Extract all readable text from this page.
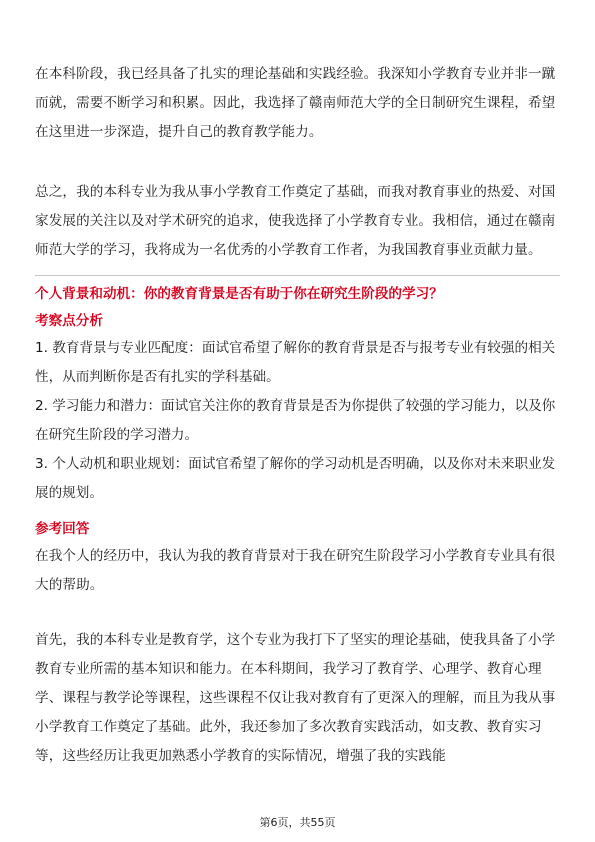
在本科阶段，我已经具备了扎实的理论基础和实践经验。我深知小学教育专业并非一蹴而就，需要不断学习和积累。因此，我选择了赣南师范大学的全日制研究生课程，希望在这里进一步深造，提升自己的教育教学能力。

总之，我的本科专业为我从事小学教育工作奠定了基础，而我对教育事业的热爱、对国家发展的关注以及对学术研究的追求，使我选择了小学教育专业。我相信，通过在赣南师范大学的学习，我将成为一名优秀的小学教育工作者，为我国教育事业贡献力量。

个人背景和动机：你的教育背景是否有助于你在研究生阶段的学习？

考察点分析

1. 教育背景与专业匹配度：面试官希望了解你的教育背景是否与报考专业有较强的相关性，从而判断你是否有扎实的学科基础。

2. 学习能力和潜力：面试官关注你的教育背景是否为你提供了较强的学习能力，以及你在研究生阶段的学习潜力。

3. 个人动机和职业规划：面试官希望了解你的学习动机是否明确，以及你对未来职业发展的规划。

参考回答

在我个人的经历中，我认为我的教育背景对于我在研究生阶段学习小学教育专业具有很大的帮助。

首先，我的本科专业是教育学，这个专业为我打下了坚实的理论基础，使我具备了小学教育专业所需的基本知识和能力。在本科期间，我学习了教育学、心理学、教育心理学、课程与教学论等课程，这些课程不仅让我对教育有了更深入的理解，而且为我从事小学教育工作奠定了基础。此外，我还参加了多次教育实践活动，如支教、教育实习等，这些经历让我更加熟悉小学教育的实际情况，增强了我的实践能

第6页，共55页
